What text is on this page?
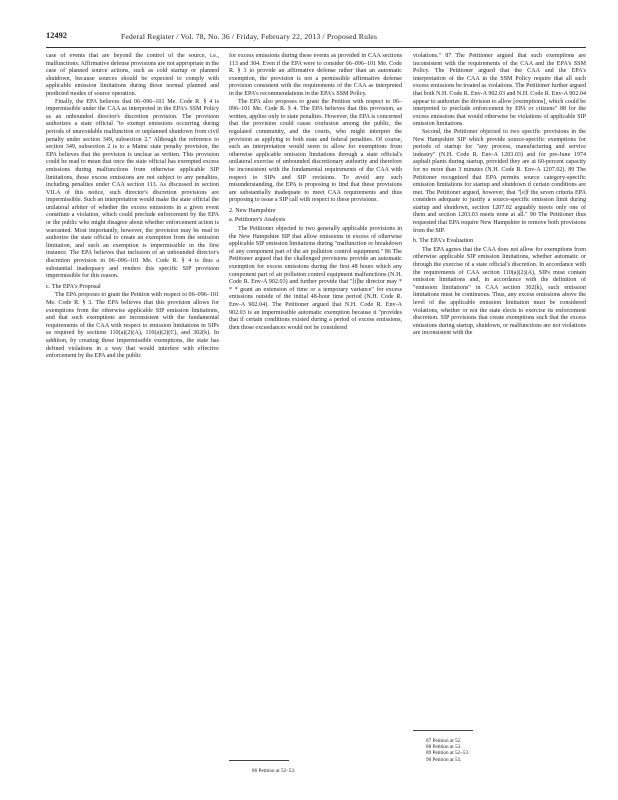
12492	Federal Register / Vol. 78, No. 36 / Friday, February 22, 2013 / Proposed Rules

case of events that are beyond the control of the source, i.e., malfunctions. Affirmative defense provisions are not appropriate in the case of planned source actions, such as cold startup or planned shutdown, because sources should be expected to comply with applicable emission limitations during those normal planned and predicted modes of source operation.

Finally, the EPA believes that 06–096–101 Me. Code R. § 4 is impermissible under the CAA as interpreted in the EPA's SSM Policy as an unbounded director's discretion provision. The provision authorizes a state official "to exempt emissions occurring during periods of unavoidable malfunction or unplanned shutdown from civil penalty under section 349, subsection 2." Although the reference to section 349, subsection 2 is to a Maine state penalty provision, the EPA believes that the provision is unclear as written. This provision could be read to mean that once the state official has exempted excess emissions during malfunctions from otherwise applicable SIP limitations, those excess emissions are not subject to any penalties, including penalties under CAA section 113. As discussed in section VII.A of this notice, such director's discretion provisions are impermissible. Such an interpretation would make the state official the unilateral arbiter of whether the excess emissions in a given event constitute a violation, which could preclude enforcement by the EPA or the public who might disagree about whether enforcement action is warranted. Most importantly, however, the provision may be read to authorize the state official to create an exemption from the emission limitation, and such an exemption is impermissible in the first instance. The EPA believes that inclusion of an unbounded director's discretion provision in 06–096–101 Me. Code R. § 4 is thus a substantial inadequacy and renders this specific SIP provision impermissible for this reason.

c. The EPA's Proposal

The EPA proposes to grant the Petition with respect to 06–096–101 Me. Code R. § 3. The EPA believes that this provision allows for exemptions from the otherwise applicable SIP emission limitations, and that such exemptions are inconsistent with the fundamental requirements of the CAA with respect to emission limitations in SIPs as required by sections 110(a)(2)(A), 110(a)(2)(C), and 302(k). In addition, by creating these impermissible exemptions, the state has defined violations in a way that would interfere with effective enforcement by the EPA and the public

for excess emissions during these events as provided in CAA sections 113 and 304. Even if the EPA were to consider 06–096–101 Me. Code R. § 3 to provide an affirmative defense rather than an automatic exemption, the provision is not a permissible affirmative defense provision consistent with the requirements of the CAA as interpreted in the EPA's recommendations in the EPA's SSM Policy.

The EPA also proposes to grant the Petition with respect to 06–096–101 Me. Code R. § 4. The EPA believes that this provision, as written, applies only to state penalties. However, the EPA is concerned that the provision could cause confusion among the public, the regulated community, and the courts, who might interpret the provision as applying to both state and federal penalties. Of course, such an interpretation would seem to allow for exemptions from otherwise applicable emission limitations through a state official's unilateral exercise of unbounded discretionary authority and therefore be inconsistent with the fundamental requirements of the CAA with respect to SIPs and SIP revisions. To avoid any such misunderstanding, the EPA is proposing to find that these provisions are substantially inadequate to meet CAA requirements and thus proposing to issue a SIP call with respect to these provisions.

2. New Hampshire
a. Petitioner's Analysis

The Petitioner objected to two generally applicable provisions in the New Hampshire SIP that allow emissions in excess of otherwise applicable SIP emission limitations during "malfunction or breakdown of any component part of the air pollution control equipment." 86 The Petitioner argued that the challenged provisions provide an automatic exemption for excess emissions during the first 48 hours which any component part of air pollution control equipment malfunctions (N.H. Code R. Env-A 902.03) and further provide that "[t]he director may * * * grant an extension of time or a temporary variance" for excess emissions outside of the initial 48-hour time period (N.H. Code R. Env-A 902.04). The Petitioner argued that N.H. Code R. Env-A 902.03 is an impermissible automatic exemption because it "provides that if certain conditions existed during a period of excess emissions, then those exceedances would not be considered

violations." 87 The Petitioner argued that such exemptions are inconsistent with the requirements of the CAA and the EPA's SSM Policy. The Petitioner argued that the CAA and the EPA's interpretation of the CAA in the SSM Policy require that all such excess emissions be treated as violations. The Petitioner further argued that both N.H. Code R. Env-A 902.03 and N.H. Code R. Env-A 902.04 appear to authorize the division to allow [exemptions], which could be interpreted to preclude enforcement by EPA or citizens" 88 for the excess emissions that would otherwise be violations of applicable SIP emission limitations.

Second, the Petitioner objected to two specific provisions in the New Hampshire SIP which provide source-specific exemptions for periods of startup for "any process, manufacturing and service industry" (N.H. Code R. Env-A 1203.03) and for pre-June 1974 asphalt plants during startup, provided they are at 60-percent capacity for no more than 3 minutes (N.H. Code R. Env-A 1207.02). 89 The Petitioner recognized that EPA permits source category-specific emission limitations for startup and shutdown if certain conditions are met. The Petitioner argued, however, that "[e]f the seven criteria EPA considers adequate to justify a source-specific emission limit during startup and shutdown, section 1207.02 arguably meets only one of them and section 1203.03 meets none at all." 90 The Petitioner thus requested that EPA require New Hampshire to remove both provisions from the SIP.

b. The EPA's Evaluation

The EPA agrees that the CAA does not allow for exemptions from otherwise applicable SIP emission limitations, whether automatic or through the exercise of a state official's discretion. In accordance with the requirements of CAA section 110(a)(2)(A), SIPs must contain emission limitations and, in accordance with the definition of "emission limitations" in CAA section 302(k), such emission limitations must be continuous. Thus, any excess emissions above the level of the applicable emission limitation must be considered violations, whether or not the state elects to exercise its enforcement discretion. SIP provisions that create exemptions such that the excess emissions during startup, shutdown, or malfunctions are not violations are inconsistent with the

86 Petition at 52–53.
87 Petition at 52.
88 Petition at 53.
89 Petition at 52–53.
90 Petition at 53.
